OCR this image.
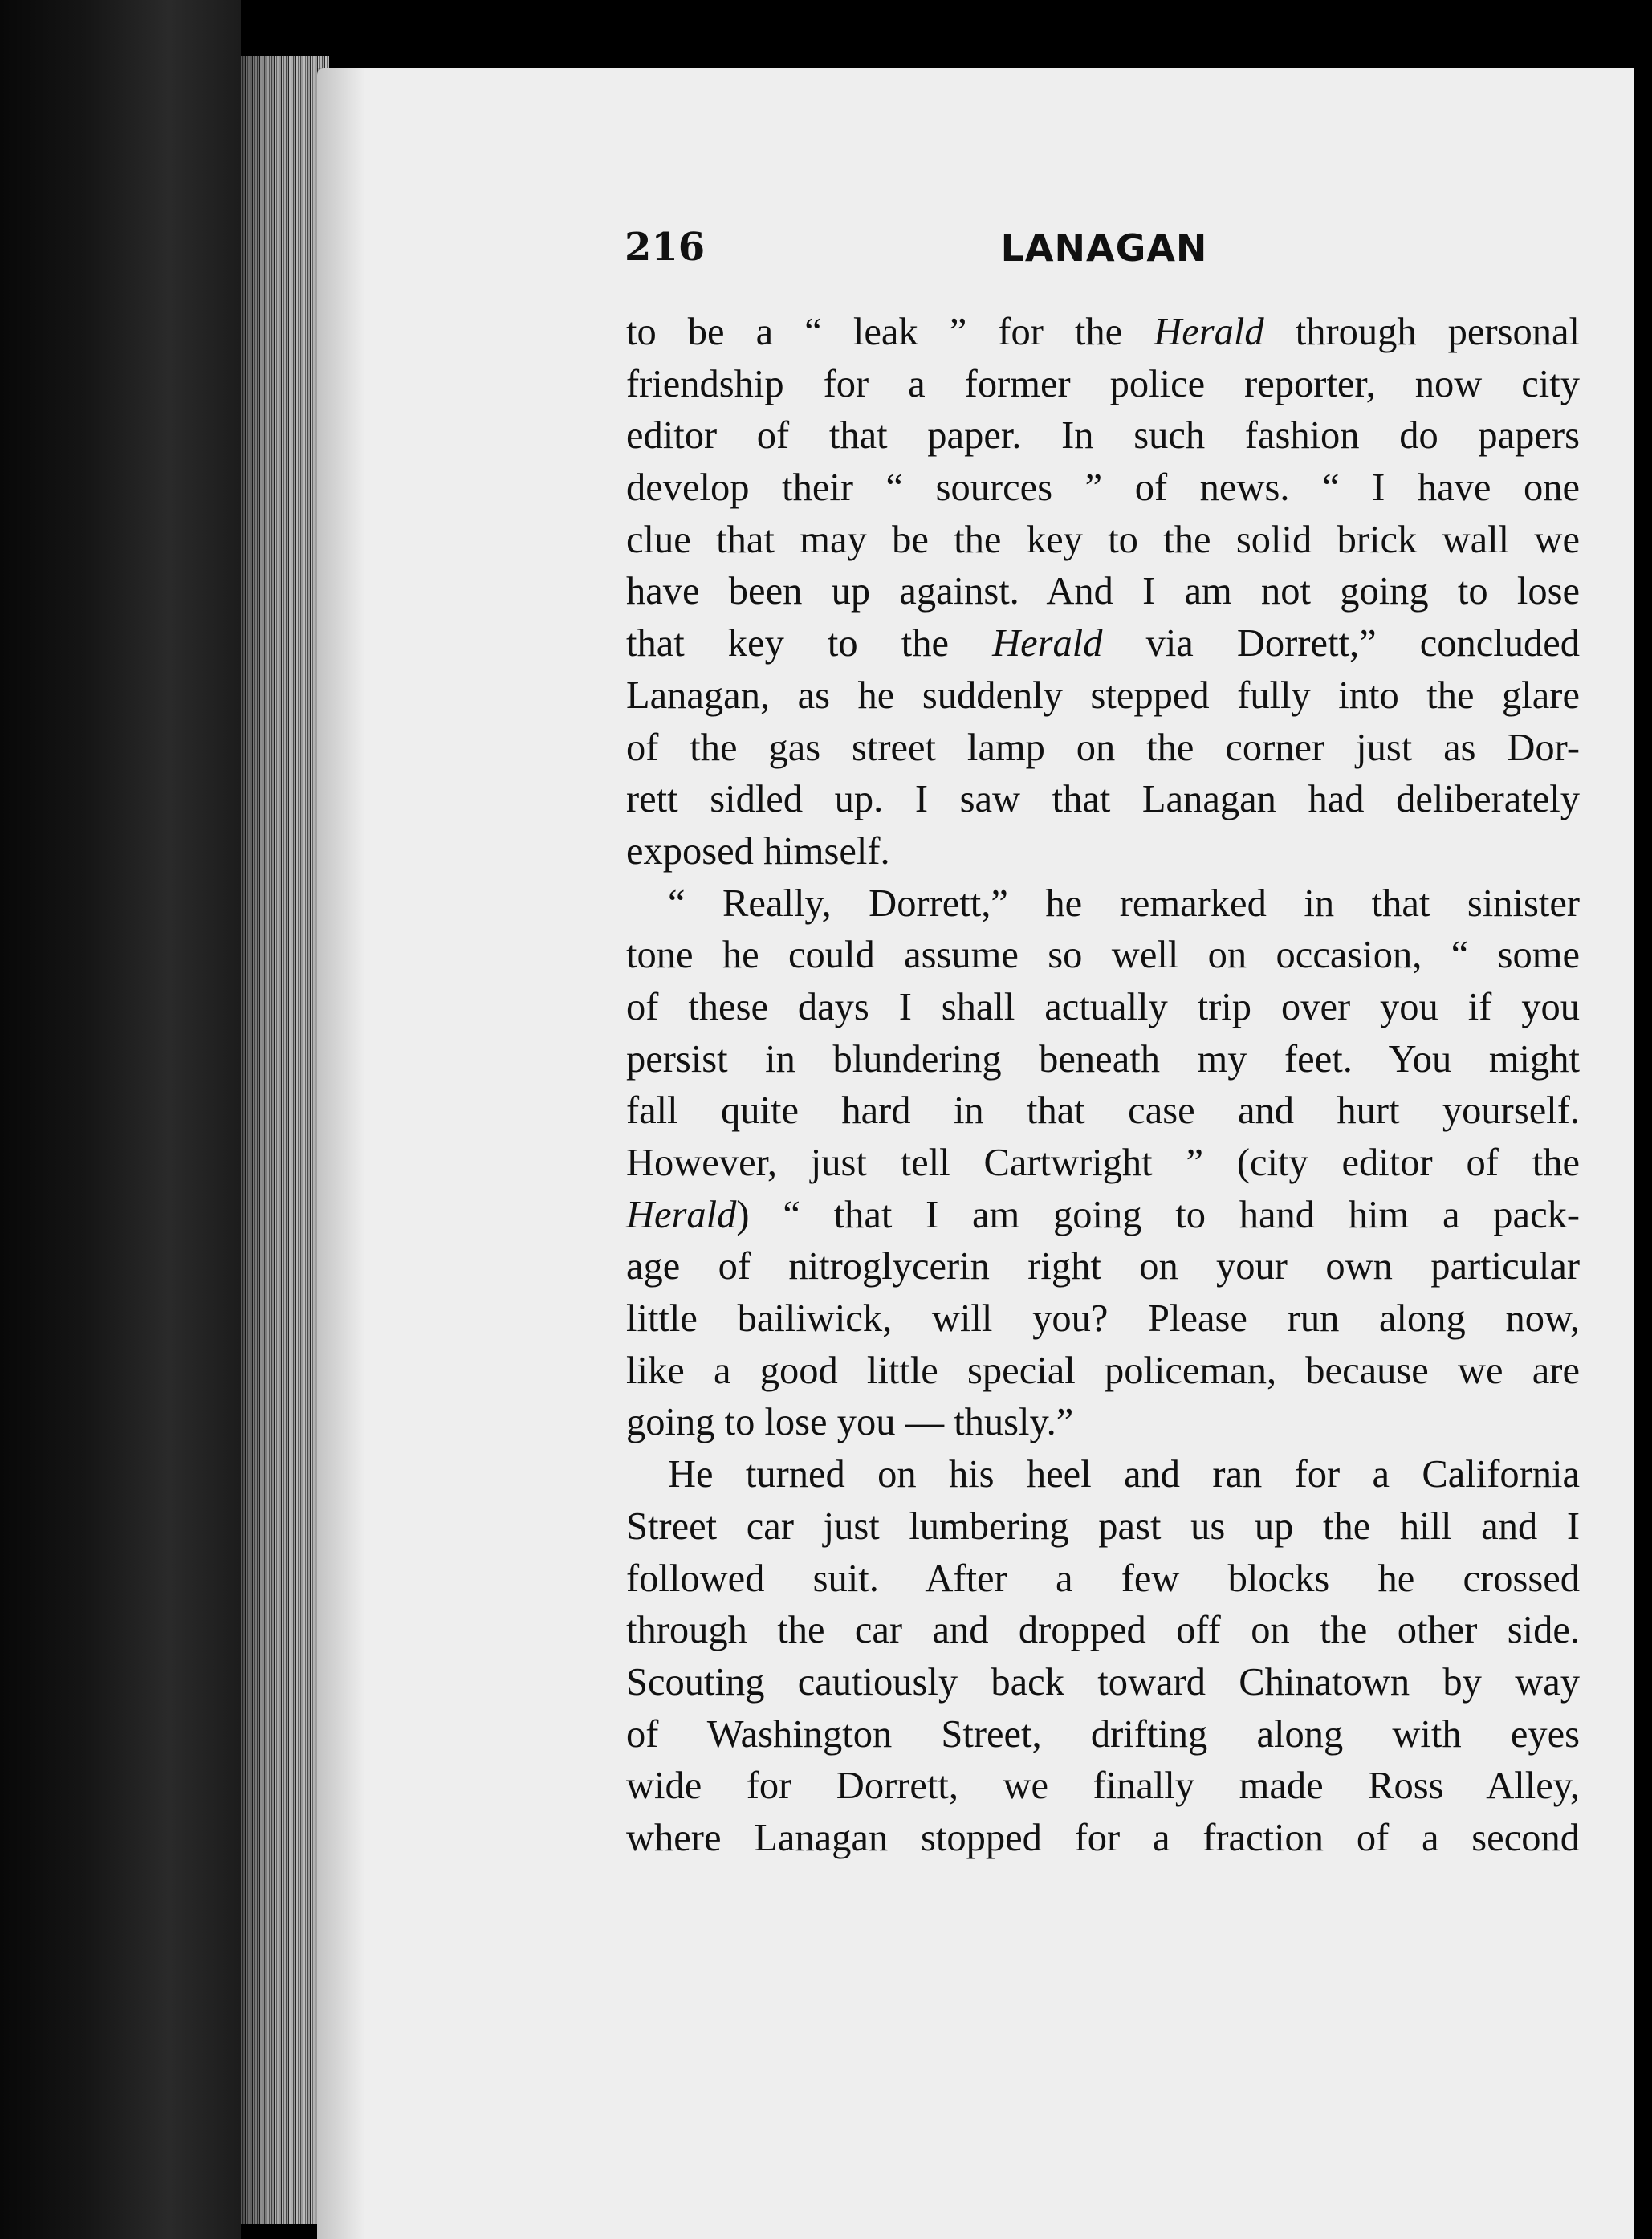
216	LANAGAN
to be a “ leak ” for the Herald through personal
friendship for a former police reporter, now city
editor of that paper. In such fashion do papers
develop their “ sources ” of news. “ I have one
clue that may be the key to the solid brick wall we
have been up against. And I am not going to lose
that key to the Herald via Dorrett,” concluded
Lanagan, as he suddenly stepped fully into the glare
of the gas street lamp on the corner just as Dor-
rett sidled up. I saw that Lanagan had deliberately
exposed himself.
“ Really, Dorrett,” he remarked in that sinister
tone he could assume so well on occasion, “ some
of these days I shall actually trip over you if you
persist in blundering beneath my feet. You might
fall quite hard in that case and hurt yourself.
However, just tell Cartwright ” (city editor of the
Herald) “ that I am going to hand him a pack-
age of nitroglycerin right on your own particular
little bailiwick, will you? Please run along now,
like a good little special policeman, because we are
going to lose you — thusly.”
He turned on his heel and ran for a California
Street car just lumbering past us up the hill and I
followed suit. After a few blocks he crossed
through the car and dropped off on the other side.
Scouting cautiously back toward Chinatown by way
of Washington Street, drifting along with eyes
wide for Dorrett, we finally made Ross Alley,
where Lanagan stopped for a fraction of a second
